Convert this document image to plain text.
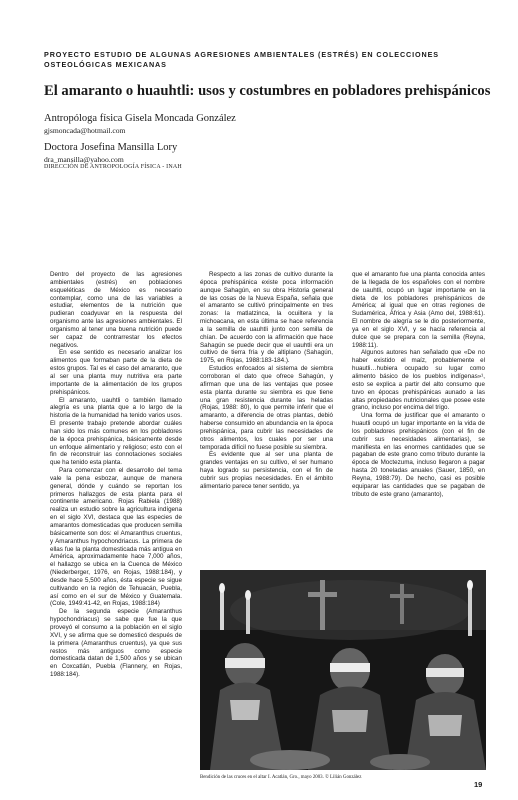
PROYECTO ESTUDIO DE ALGUNAS AGRESIONES AMBIENTALES (ESTRÉS) EN COLECCIONES OSTEOLÓGICAS MEXICANAS
El amaranto o huauhtli: usos y costumbres en pobladores prehispánicos
Antropóloga física Gisela Moncada González
gjsmoncada@hotmail.com
Doctora Josefina Mansilla Lory
dra_mansilla@yahoo.com
DIRECCIÓN DE ANTROPOLOGÍA FÍSICA - INAH

Dentro del proyecto de las agresiones ambientales (estrés) en poblaciones esqueléticas de México es necesario contemplar, como una de las variables a estudiar, elementos de la nutrición que pudieran coadyuvar en la respuesta del organismo ante las agresiones ambientales. El organismo al tener una buena nutrición puede ser capaz de contrarrestar los efectos negativos.

En ese sentido es necesario analizar los alimentos que formaban parte de la dieta de estos grupos. Tal es el caso del amaranto, que al ser una planta muy nutritiva era parte importante de la alimentación de los grupos prehispánicos.

El amaranto, uauhtli o también llamado alegría es una planta que a lo largo de la historia de la humanidad ha tenido varios usos. El presente trabajo pretende abordar cuáles han sido los más comunes en los pobladores de la época prehispánica, básicamente desde un enfoque alimentario y religioso; esto con el fin de reconstruir las connotaciones sociales que ha tenido esta planta.

Para comenzar con el desarrollo del tema vale la pena esbozar, aunque de manera general, dónde y cuándo se reportan los primeros hallazgos de esta planta para el continente americano. Rojas Rabiela (1988) realiza un estudio sobre la agricultura indígena en el siglo XVI, destaca que las especies de amarantos domesticadas que producen semilla básicamente son dos: el Amaranthus cruentus, y Amaranthus hypochondriacus. La primera de ellas fue la planta domesticada más antigua en América, aproximadamente hace 7,000 años, el hallazgo se ubica en la Cuenca de México (Niederberger, 1976, en Rojas, 1988:184), y desde hace 5,500 años, ésta especie se sigue cultivando en la región de Tehuacán, Puebla, así como en el sur de México y Guatemala. (Cole, 1949:41-42, en Rojas, 1988:184)

De la segunda especie (Amaranthus hypochondriacus) se sabe que fue la que proveyó el consumo a la población en el siglo XVI, y se afirma que se domesticó después de la primera (Amaranthus cruentus), ya que sus restos más antiguos como especie domesticada datan de 1,500 años y se ubican en Coxcatlán, Puebla (Flannery, en Rojas, 1988:184).

Respecto a las zonas de cultivo durante la época prehispánica existe poca información aunque Sahagún, en su obra Historia general de las cosas de la Nueva España, señala que el amaranto se cultivó principalmente en tres zonas: la matlatzinca, la ocuiltera y la michoacana, en esta última se hace referencia a la semilla de uauhtli junto con semilla de chían. De acuerdo con la afirmación que hace Sahagún se puede decir que el uauhtli era un cultivo de tierra fría y de altiplano (Sahagún, 1975, en Rojas, 1988:183-184.).

Estudios enfocados al sistema de siembra corroboran el dato que ofrece Sahagún, y afirman que una de las ventajas que posee esta planta durante su siembra es que tiene una gran resistencia durante las heladas (Rojas, 1988: 80), lo que permite inferir que el amaranto, a diferencia de otras plantas, debió haberse consumido en abundancia en la época prehispánica, para cubrir las necesidades de otros alimentos, los cuales por ser una temporada difícil no fuese posible su siembra.

Es evidente que al ser una planta de grandes ventajas en su cultivo, el ser humano haya logrado su persistencia, con el fin de cubrir sus propias necesidades. En el ámbito alimentario parece tener sentido, ya

que el amaranto fue una planta conocida antes de la llegada de los españoles con el nombre de uauhtli, ocupó un lugar importante en la dieta de los pobladores prehispánicos de América; al igual que en otras regiones de Sudamérica, África y Asia (Amo del, 1988:61). El nombre de alegría se le dio posteriormente, ya en el siglo XVI, y se hacía referencia al dulce que se prepara con la semilla (Reyna, 1988:11).

Algunos autores han señalado que «De no haber existido el maíz, probablemente el huautli…hubiera ocupado su lugar como alimento básico de los pueblos indígenas»¹, esto se explica a partir del alto consumo que tuvo en épocas prehispánicas aunado a las altas propiedades nutricionales que posee este grano, incluso por encima del trigo.

Una forma de justificar que el amaranto o huautli ocupó un lugar importante en la vida de los pobladores prehispánicos (con el fin de cubrir sus necesidades alimentarias), se manifiesta en las enormes cantidades que se pagaban de este grano como tributo durante la época de Moctezuma, incluso llegaron a pagar hasta 20 toneladas anuales (Sauer, 1850, en Reyna, 1988:79). De hecho, casi es posible equiparar las cantidades que se pagaban de tributo de este grano (amaranto),

Bendición de las cruces en el altar I. Acatlán, Gro., mayo 2003. © Lilián González
19
